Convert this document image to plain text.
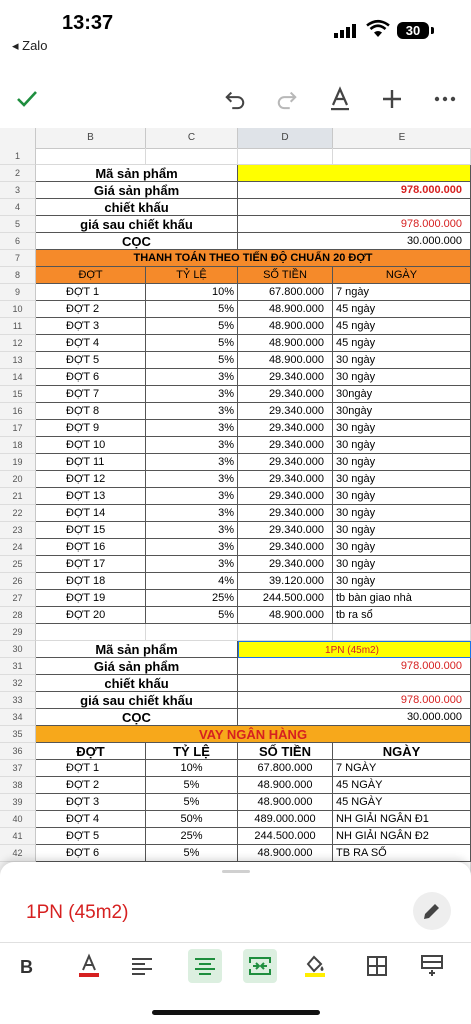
13:37
◂ Zalo
30
B	C	D	E
1
2	Mã sản phẩm
3	Giá sản phẩm	978.000.000
4	chiết khấu
5	giá sau chiết khấu	978.000.000
6	CỌC	30.000.000
7	THANH TOÁN THEO TIẾN ĐỘ CHUẨN 20 ĐỢT
8	ĐỢT	TỶ LỆ	SỐ TIỀN	NGÀY
9	ĐỢT 1	10%	67.800.000	7 ngày
10	ĐỢT 2	5%	48.900.000	45 ngày
11	ĐỢT 3	5%	48.900.000	45 ngày
12	ĐỢT 4	5%	48.900.000	45 ngày
13	ĐỢT 5	5%	48.900.000	30 ngày
14	ĐỢT 6	3%	29.340.000	30 ngày
15	ĐỢT 7	3%	29.340.000	30ngày
16	ĐỢT 8	3%	29.340.000	30ngày
17	ĐỢT 9	3%	29.340.000	30 ngày
18	ĐỢT 10	3%	29.340.000	30 ngày
19	ĐỢT 11	3%	29.340.000	30 ngày
20	ĐỢT 12	3%	29.340.000	30 ngày
21	ĐỢT 13	3%	29.340.000	30 ngày
22	ĐỢT 14	3%	29.340.000	30 ngày
23	ĐỢT 15	3%	29.340.000	30 ngày
24	ĐỢT 16	3%	29.340.000	30 ngày
25	ĐỢT 17	3%	29.340.000	30 ngày
26	ĐỢT 18	4%	39.120.000	30 ngày
27	ĐỢT 19	25%	244.500.000	tb bàn giao nhà
28	ĐỢT 20	5%	48.900.000	tb ra sổ
29
30	Mã sản phẩm	1PN (45m2)
31	Giá sản phẩm	978.000.000
32	chiết khấu
33	giá sau chiết khấu	978.000.000
34	CỌC	30.000.000
35	VAY NGÂN HÀNG
36	ĐỢT	TỶ LỆ	SỐ TIỀN	NGÀY
37	ĐỢT 1	10%	67.800.000	7 NGÀY
38	ĐỢT 2	5%	48.900.000	45 NGÀY
39	ĐỢT 3	5%	48.900.000	45 NGÀY
40	ĐỢT 4	50%	489.000.000	NH GIẢI NGÂN Đ1
41	ĐỢT 5	25%	244.500.000	NH GIẢI NGÂN Đ2
42	ĐỢT 6	5%	48.900.000	TB RA SỔ
1PN (45m2)
B
